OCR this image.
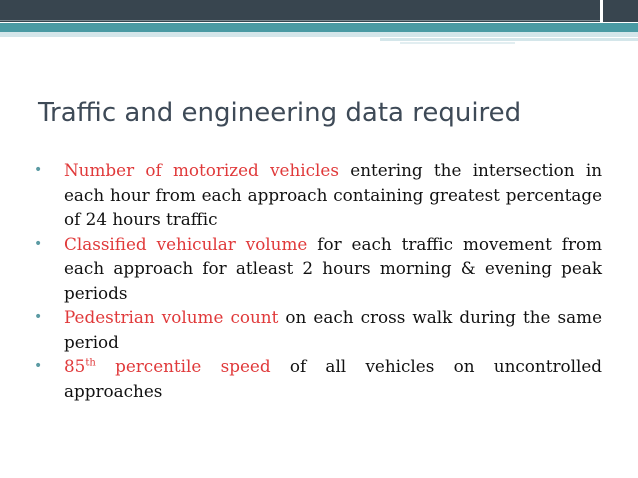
Traffic and engineering data required
•	Number of motorized vehicles entering the intersection in each hour from each approach containing greatest percentage of 24 hours traffic
•	Classified vehicular volume for each traffic movement from each approach for atleast 2 hours morning & evening peak periods
•	Pedestrian volume count on each cross walk during the same period
•	85th percentile speed of all vehicles on uncontrolled approaches
